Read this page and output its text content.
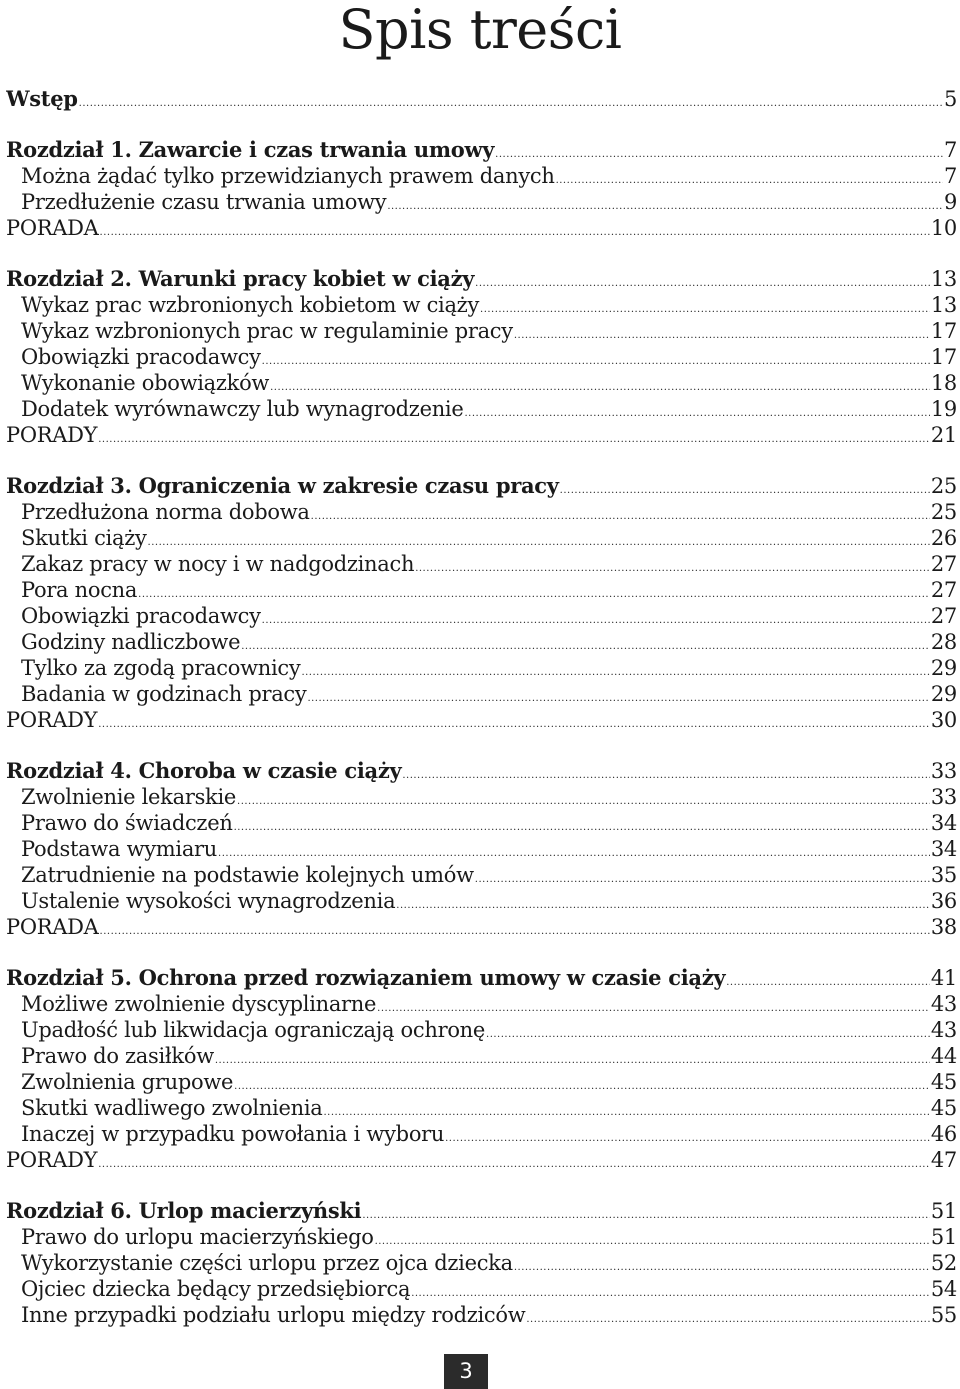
Spis treści
Wstęp .....	5
Rozdział 1. Zawarcie i czas trwania umowy .....	7
Można żądać tylko przewidzianych prawem danych .....	7
Przedłużenie czasu trwania umowy .....	9
PORADA .....	10
Rozdział 2. Warunki pracy kobiet w ciąży .....	13
Wykaz prac wzbronionych kobietom w ciąży .....	13
Wykaz wzbronionych prac w regulaminie pracy .....	17
Obowiązki pracodawcy .....	17
Wykonanie obowiązków .....	18
Dodatek wyrównawczy lub wynagrodzenie .....	19
PORADY .....	21
Rozdział 3. Ograniczenia w zakresie czasu pracy .....	25
Przedłużona norma dobowa .....	25
Skutki ciąży .....	26
Zakaz pracy w nocy i w nadgodzinach .....	27
Pora nocna .....	27
Obowiązki pracodawcy .....	27
Godziny nadliczbowe .....	28
Tylko za zgodą pracownicy .....	29
Badania w godzinach pracy .....	29
PORADY .....	30
Rozdział 4. Choroba w czasie ciąży .....	33
Zwolnienie lekarskie .....	33
Prawo do świadczeń .....	34
Podstawa wymiaru .....	34
Zatrudnienie na podstawie kolejnych umów .....	35
Ustalenie wysokości wynagrodzenia .....	36
PORADA .....	38
Rozdział 5. Ochrona przed rozwiązaniem umowy w czasie ciąży .....	41
Możliwe zwolnienie dyscyplinarne .....	43
Upadłość lub likwidacja ograniczają ochronę .....	43
Prawo do zasiłków .....	44
Zwolnienia grupowe .....	45
Skutki wadliwego zwolnienia .....	45
Inaczej w przypadku powołania i wyboru .....	46
PORADY .....	47
Rozdział 6. Urlop macierzyński .....	51
Prawo do urlopu macierzyńskiego .....	51
Wykorzystanie części urlopu przez ojca dziecka .....	52
Ojciec dziecka będący przedsiębiorcą .....	54
Inne przypadki podziału urlopu między rodziców .....	55
3
